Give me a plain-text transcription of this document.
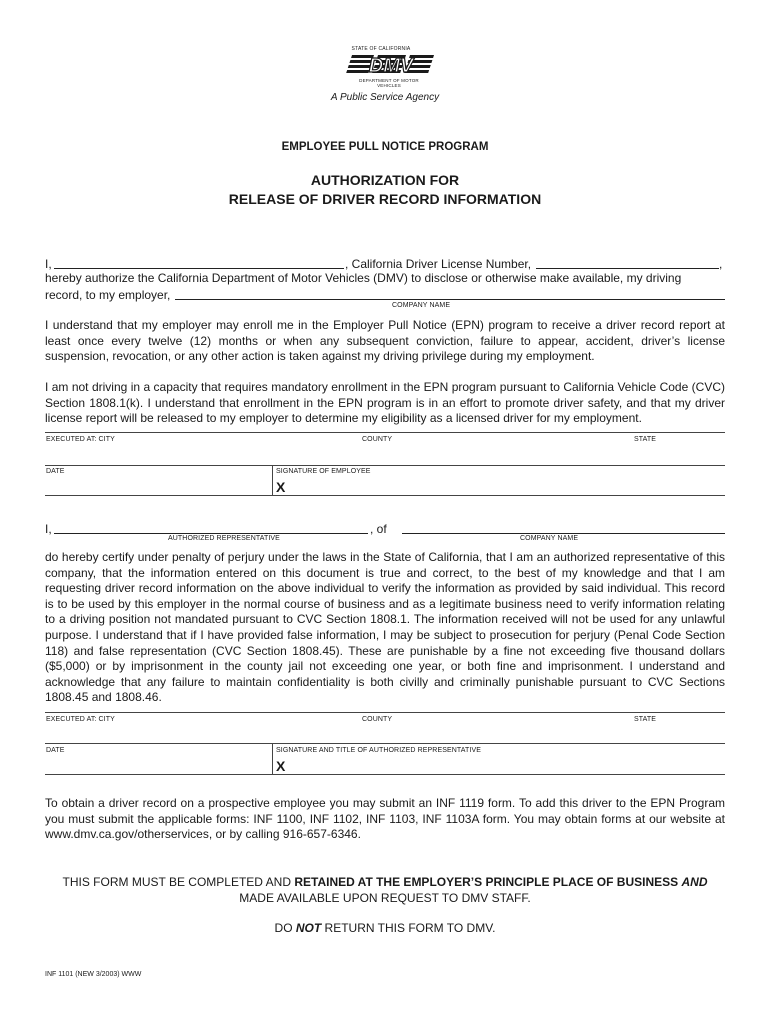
STATE OF CALIFORNIA
DMV
DEPARTMENT OF MOTOR VEHICLES
A Public Service Agency
EMPLOYEE PULL NOTICE PROGRAM
AUTHORIZATION FOR
RELEASE OF DRIVER RECORD INFORMATION
I,	, California Driver License Number,	,
hereby authorize the California Department of Motor Vehicles (DMV) to disclose or otherwise make available, my driving
record, to my employer,
COMPANY NAME
I understand that my employer may enroll me in the Employer Pull Notice (EPN) program to receive a driver record report at least once every twelve (12) months or when any subsequent conviction, failure to appear, accident, driver’s license suspension, revocation, or any other action is taken against my driving privilege during my employment.
I am not driving in a capacity that requires mandatory enrollment in the EPN program pursuant to California Vehicle Code (CVC) Section 1808.1(k). I understand that enrollment in the EPN program is in an effort to promote driver safety, and that my driver license report will be released to my employer to determine my eligibility as a licensed driver for my employment.
EXECUTED AT: CITY	COUNTY	STATE
DATE	SIGNATURE OF EMPLOYEE
X
I,	, of
AUTHORIZED REPRESENTATIVE	COMPANY NAME
do hereby certify under penalty of perjury under the laws in the State of California, that I am an authorized representative of this company, that the information entered on this document is true and correct, to the best of my knowledge and that I am requesting driver record information on the above individual to verify the information as provided by said individual. This record is to be used by this employer in the normal course of business and as a legitimate business need to verify information relating to a driving position not mandated pursuant to CVC Section 1808.1. The information received will not be used for any unlawful purpose. I understand that if I have provided false information, I may be subject to prosecution for perjury (Penal Code Section 118) and false representation (CVC Section 1808.45). These are punishable by a fine not exceeding five thousand dollars ($5,000) or by imprisonment in the county jail not exceeding one year, or both fine and imprisonment. I understand and acknowledge that any failure to maintain confidentiality is both civilly and criminally punishable pursuant to CVC Sections 1808.45 and 1808.46.
EXECUTED AT: CITY	COUNTY	STATE
DATE	SIGNATURE AND TITLE OF AUTHORIZED REPRESENTATIVE
X
To obtain a driver record on a prospective employee you may submit an INF 1119 form. To add this driver to the EPN Program you must submit the applicable forms: INF 1100, INF 1102, INF 1103, INF 1103A form. You may obtain forms at our website at www.dmv.ca.gov/otherservices, or by calling 916-657-6346.
THIS FORM MUST BE COMPLETED AND RETAINED AT THE EMPLOYER’S PRINCIPLE PLACE OF BUSINESS AND
MADE AVAILABLE UPON REQUEST TO DMV STAFF.
DO NOT RETURN THIS FORM TO DMV.
INF 1101 (NEW 3/2003) WWW
